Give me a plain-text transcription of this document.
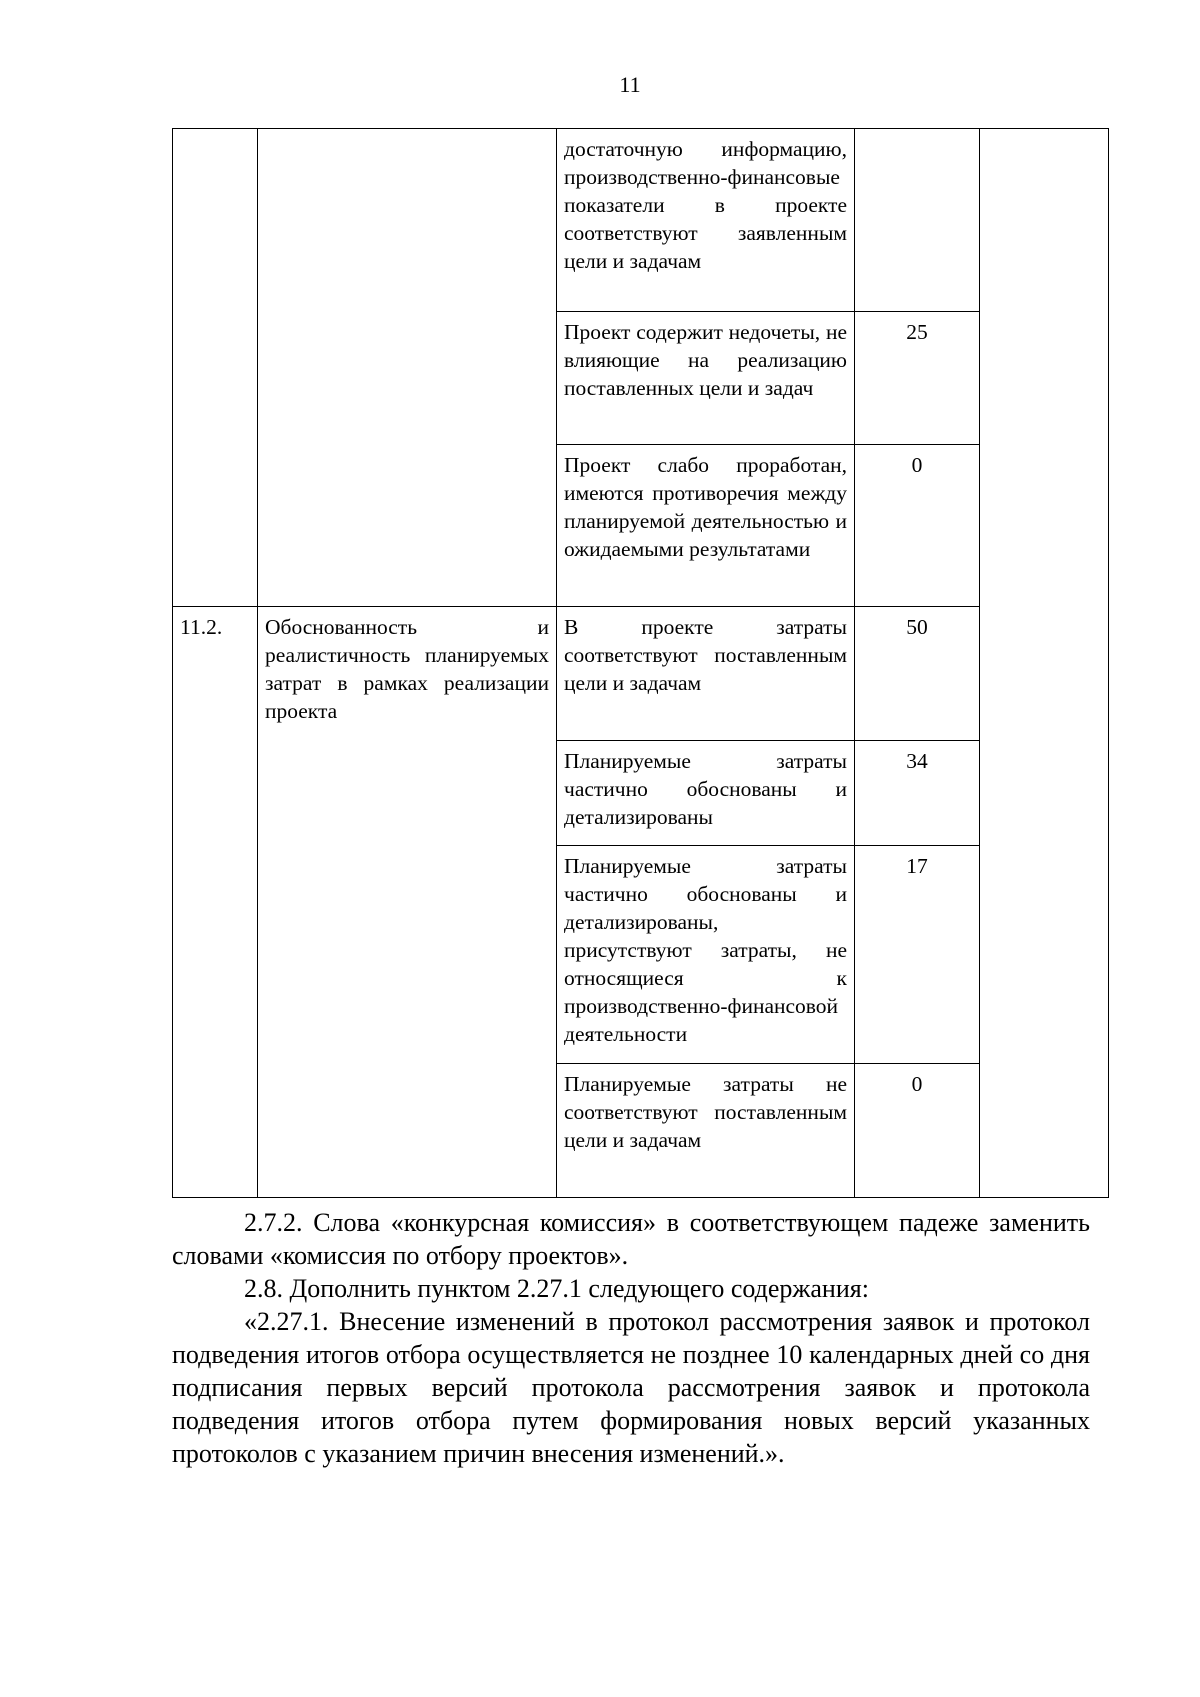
11
		достаточную информацию, производственно-финансовые показатели в проекте соответствуют заявленным цели и задачам		
		Проект содержит недочеты, не влияющие на реализацию поставленных цели и задач	25	
		Проект слабо проработан, имеются противоречия между планируемой деятельностью и ожидаемыми результатами	0	
11.2.	Обоснованность и реалистичность планируемых затрат в рамках реализации проекта	В проекте затраты соответствуют поставленным цели и задачам	50	
		Планируемые затраты частично обоснованы и детализированы	34	
		Планируемые затраты частично обоснованы и детализированы, присутствуют затраты, не относящиеся к производственно-финансовой деятельности	17	
		Планируемые затраты не соответствуют поставленным цели и задачам	0	

2.7.2. Слова «конкурсная комиссия» в соответствующем падеже заменить словами «комиссия по отбору проектов».

2.8. Дополнить пунктом 2.27.1 следующего содержания:

«2.27.1. Внесение изменений в протокол рассмотрения заявок и протокол подведения итогов отбора осуществляется не позднее 10 календарных дней со дня подписания первых версий протокола рассмотрения заявок и протокола подведения итогов отбора путем формирования новых версий указанных протоколов с указанием причин внесения изменений.».
